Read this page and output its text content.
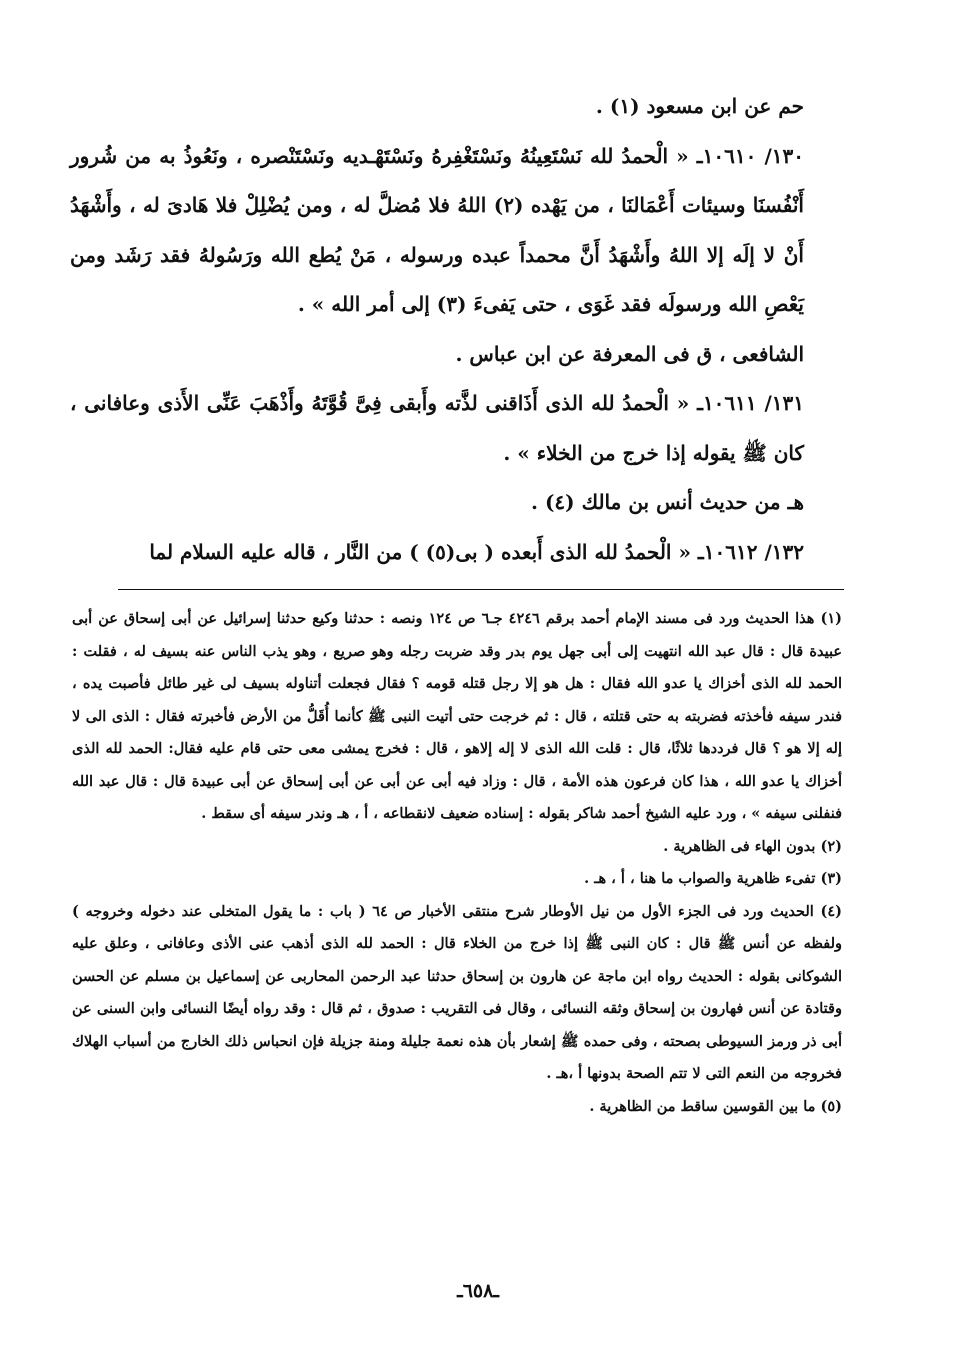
حم عن ابن مسعود (١) .

١٣٠/ ١٠٦١٠ـ « الْحمدُ لله نَسْتَعِينُهُ ونَسْتَغْفِرهُ ونَسْتَهْـديه ونَسْتَنْصره ، ونَعُوذُ به من شُرور أَنْفُسنَا وسيئات أَعْمَالنَا ، من يَهْده (٢) اللهُ فلا مُضلَّ له ، ومن يُضْلِلْ فلا هَادىَ له ، وأَشْهَدُ أَنْ لا إلَه إلا اللهُ وأَشْهَدُ أَنَّ محمداً عبده ورسوله ، مَنْ يُطع الله ورَسُولهُ فقد رَشَد ومن يَعْصِ الله ورسولَه فقد غَوَى ، حتى يَفىءَ (٣) إلى أمر الله » .

الشافعى ، ق فى المعرفة عن ابن عباس .

١٣١/ ١٠٦١١ـ « الْحمدُ لله الذى أَذَاقنى لذَّته وأَبقى فِىَّ قُوَّتَهُ وأَذْهَبَ عَنِّى الأَذى وعافانى ، كان ﷺ يقوله إذا خرج من الخلاء » .

هـ من حديث أنس بن مالك (٤) .

١٣٢/ ١٠٦١٢ـ « الْحمدُ لله الذى أَبعده ( بى(٥) ) من النَّار ، قاله عليه السلام لما

(١) هذا الحديث ورد فى مسند الإمام أحمد برقم ٤٢٤٦ جـ٦ ص ١٢٤ ونصه : حدثنا وكيع حدثنا إسرائيل عن أبى إسحاق عن أبى عبيدة قال : قال عبد الله انتهيت إلى أبى جهل يوم بدر وقد ضربت رجله وهو صريع ، وهو يذب الناس عنه بسيف له ، فقلت : الحمد لله الذى أخزاك يا عدو الله فقال : هل هو إلا رجل قتله قومه ؟ فقال فجعلت أتناوله بسيف لى غير طائل فأصبت يده ، فندر سيفه فأخذته فضربته به حتى قتلته ، قال : ثم خرجت حتى أتيت النبى ﷺ كأنما أُقَلُّ من الأرض فأخبرته فقال : الذى الى لا إله إلا هو ؟ قال فرددها ثلاثًا، قال : قلت الله الذى لا إله إلاهو ، قال : فخرج يمشى معى حتى قام عليه فقال: الحمد لله الذى أخزاك يا عدو الله ، هذا كان فرعون هذه الأمة ، قال : وزاد فيه أبى عن أبى عن أبى إسحاق عن أبى عبيدة قال : قال عبد الله فنفلنى سيفه » ، ورد عليه الشيخ أحمد شاكر بقوله : إسناده ضعيف لانقطاعه ، أ ، هـ وندر سيفه أى سقط .

(٢) بدون الهاء فى الظاهرية .

(٣) تفىء ظاهرية والصواب ما هنا ، أ ، هـ .

(٤) الحديث ورد فى الجزء الأول من نيل الأوطار شرح منتقى الأخبار ص ٦٤ ( باب : ما يقول المتخلى عند دخوله وخروجه ) ولفظه عن أنس ﷺ قال : كان النبى ﷺ إذا خرج من الخلاء قال : الحمد لله الذى أذهب عنى الأذى وعافانى ، وعلق عليه الشوكانى بقوله : الحديث رواه ابن ماجة عن هارون بن إسحاق حدثنا عبد الرحمن المحاربى عن إسماعيل بن مسلم عن الحسن وقتادة عن أنس فهارون بن إسحاق وثقه النسائى ، وقال فى التقريب : صدوق ، ثم قال : وقد رواه أيضًا النسائى وابن السنى عن أبى ذر ورمز السيوطى بصحته ، وفى حمده ﷺ إشعار بأن هذه نعمة جليلة ومنة جزيلة فإن انحباس ذلك الخارج من أسباب الهلاك فخروجه من النعم التى لا تتم الصحة بدونها أ ،هـ .

(٥) ما بين القوسين ساقط من الظاهرية .

ـ٦٥٨ـ
